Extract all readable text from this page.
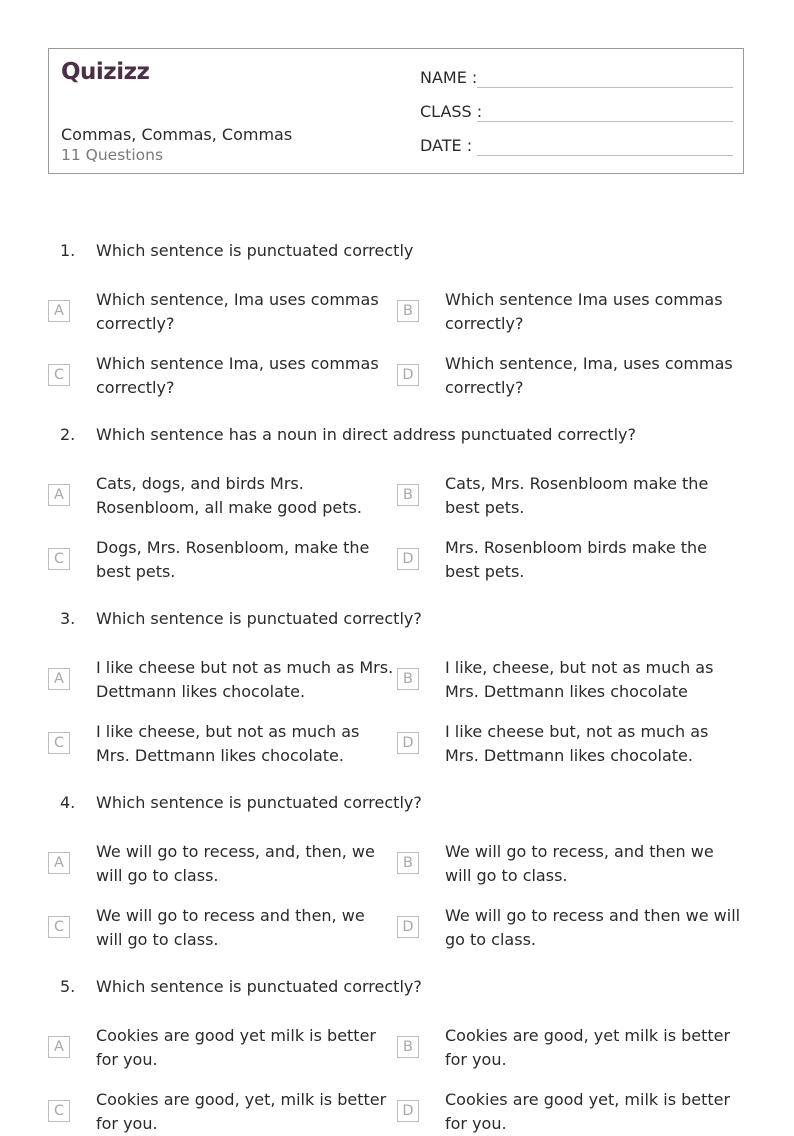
Quizizz
Commas, Commas, Commas
11 Questions
NAME :
CLASS :
DATE :
1. Which sentence is punctuated correctly
A
Which sentence, Ima uses commas correctly?
B
Which sentence Ima uses commas correctly?
C
Which sentence Ima, uses commas correctly?
D
Which sentence, Ima, uses commas correctly?
2. Which sentence has a noun in direct address punctuated correctly?
A
Cats, dogs, and birds Mrs. Rosenbloom, all make good pets.
B
Cats, Mrs. Rosenbloom make the best pets.
C
Dogs, Mrs. Rosenbloom, make the best pets.
D
Mrs. Rosenbloom birds make the best pets.
3. Which sentence is punctuated correctly?
A
I like cheese but not as much as Mrs. Dettmann likes chocolate.
B
I like, cheese, but not as much as Mrs. Dettmann likes chocolate
C
I like cheese, but not as much as Mrs. Dettmann likes chocolate.
D
I like cheese but, not as much as Mrs. Dettmann likes chocolate.
4. Which sentence is punctuated correctly?
A
We will go to recess, and, then, we will go to class.
B
We will go to recess, and then we will go to class.
C
We will go to recess and then, we will go to class.
D
We will go to recess and then we will go to class.
5. Which sentence is punctuated correctly?
A
Cookies are good yet milk is better for you.
B
Cookies are good, yet milk is better for you.
C
Cookies are good, yet, milk is better for you.
D
Cookies are good yet, milk is better for you.
